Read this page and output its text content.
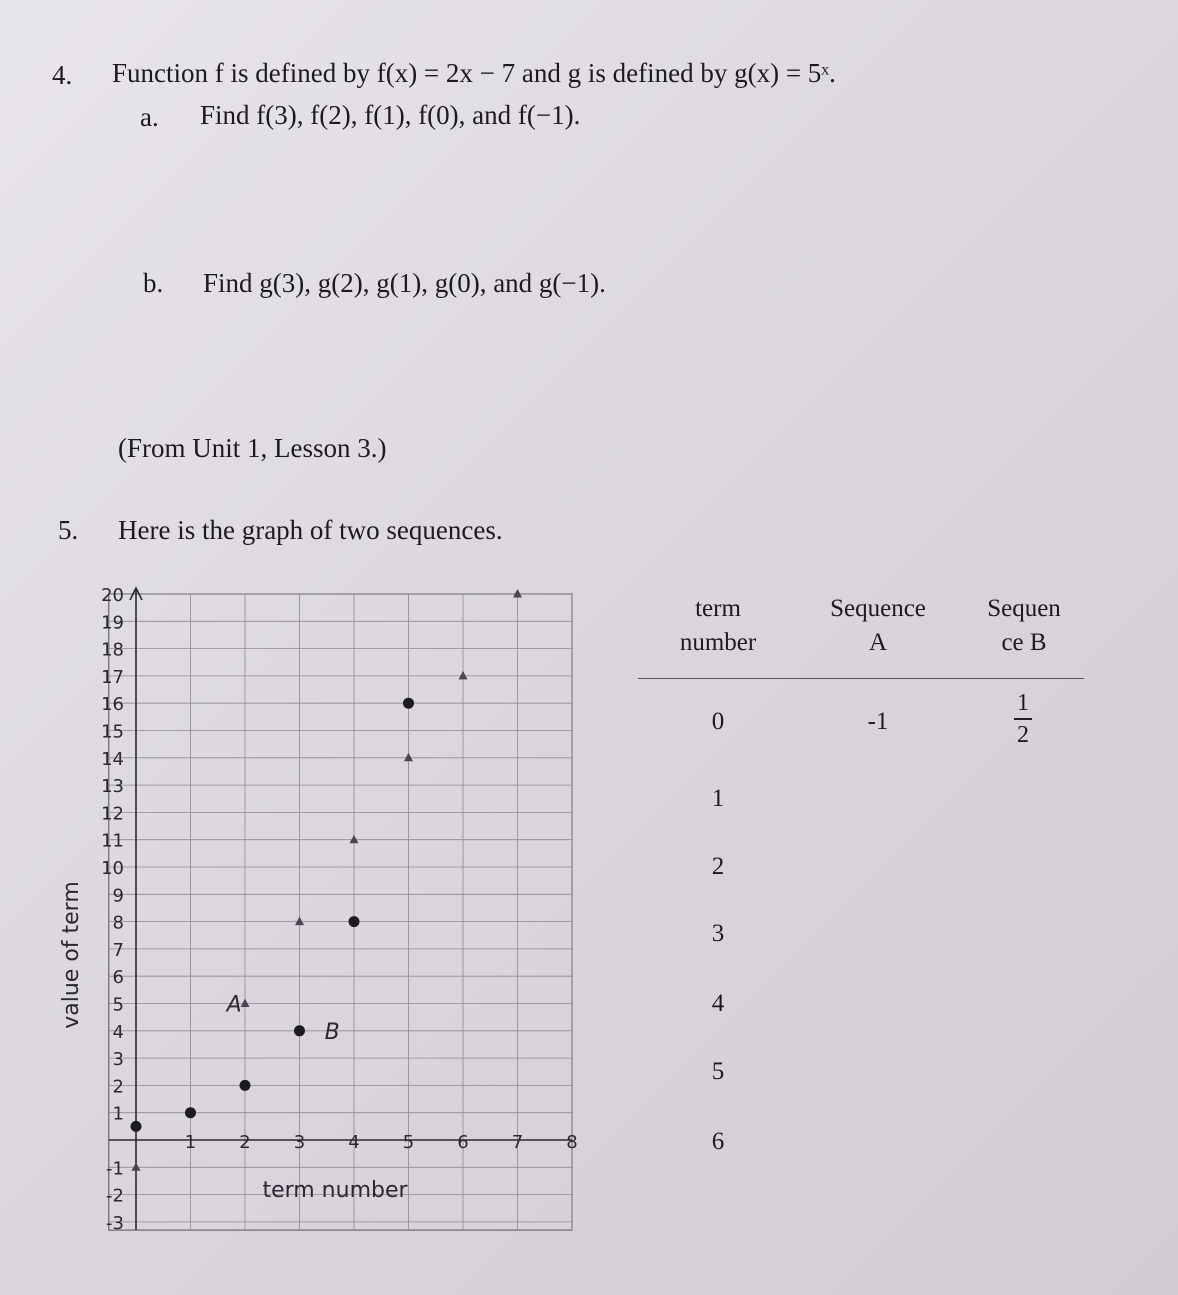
4. Function f is defined by f(x) = 2x − 7 and g is defined by g(x) = 5ˣ.
a. Find f(3), f(2), f(1), f(0), and f(−1).
b. Find g(3), g(2), g(1), g(0), and g(−1).
(From Unit 1, Lesson 3.)
5. Here is the graph of two sequences.
20
19
18
17
16
15
14
13
12
11
10
9
8
7
6
5
4
3
2
1
-1
-2
-3
1 2 3 4 5 6 7 8
A
B
term number
value of term
term
number
Sequence
A
Sequen
ce B
0
1
2
3
4
5
6
-1
1
2
